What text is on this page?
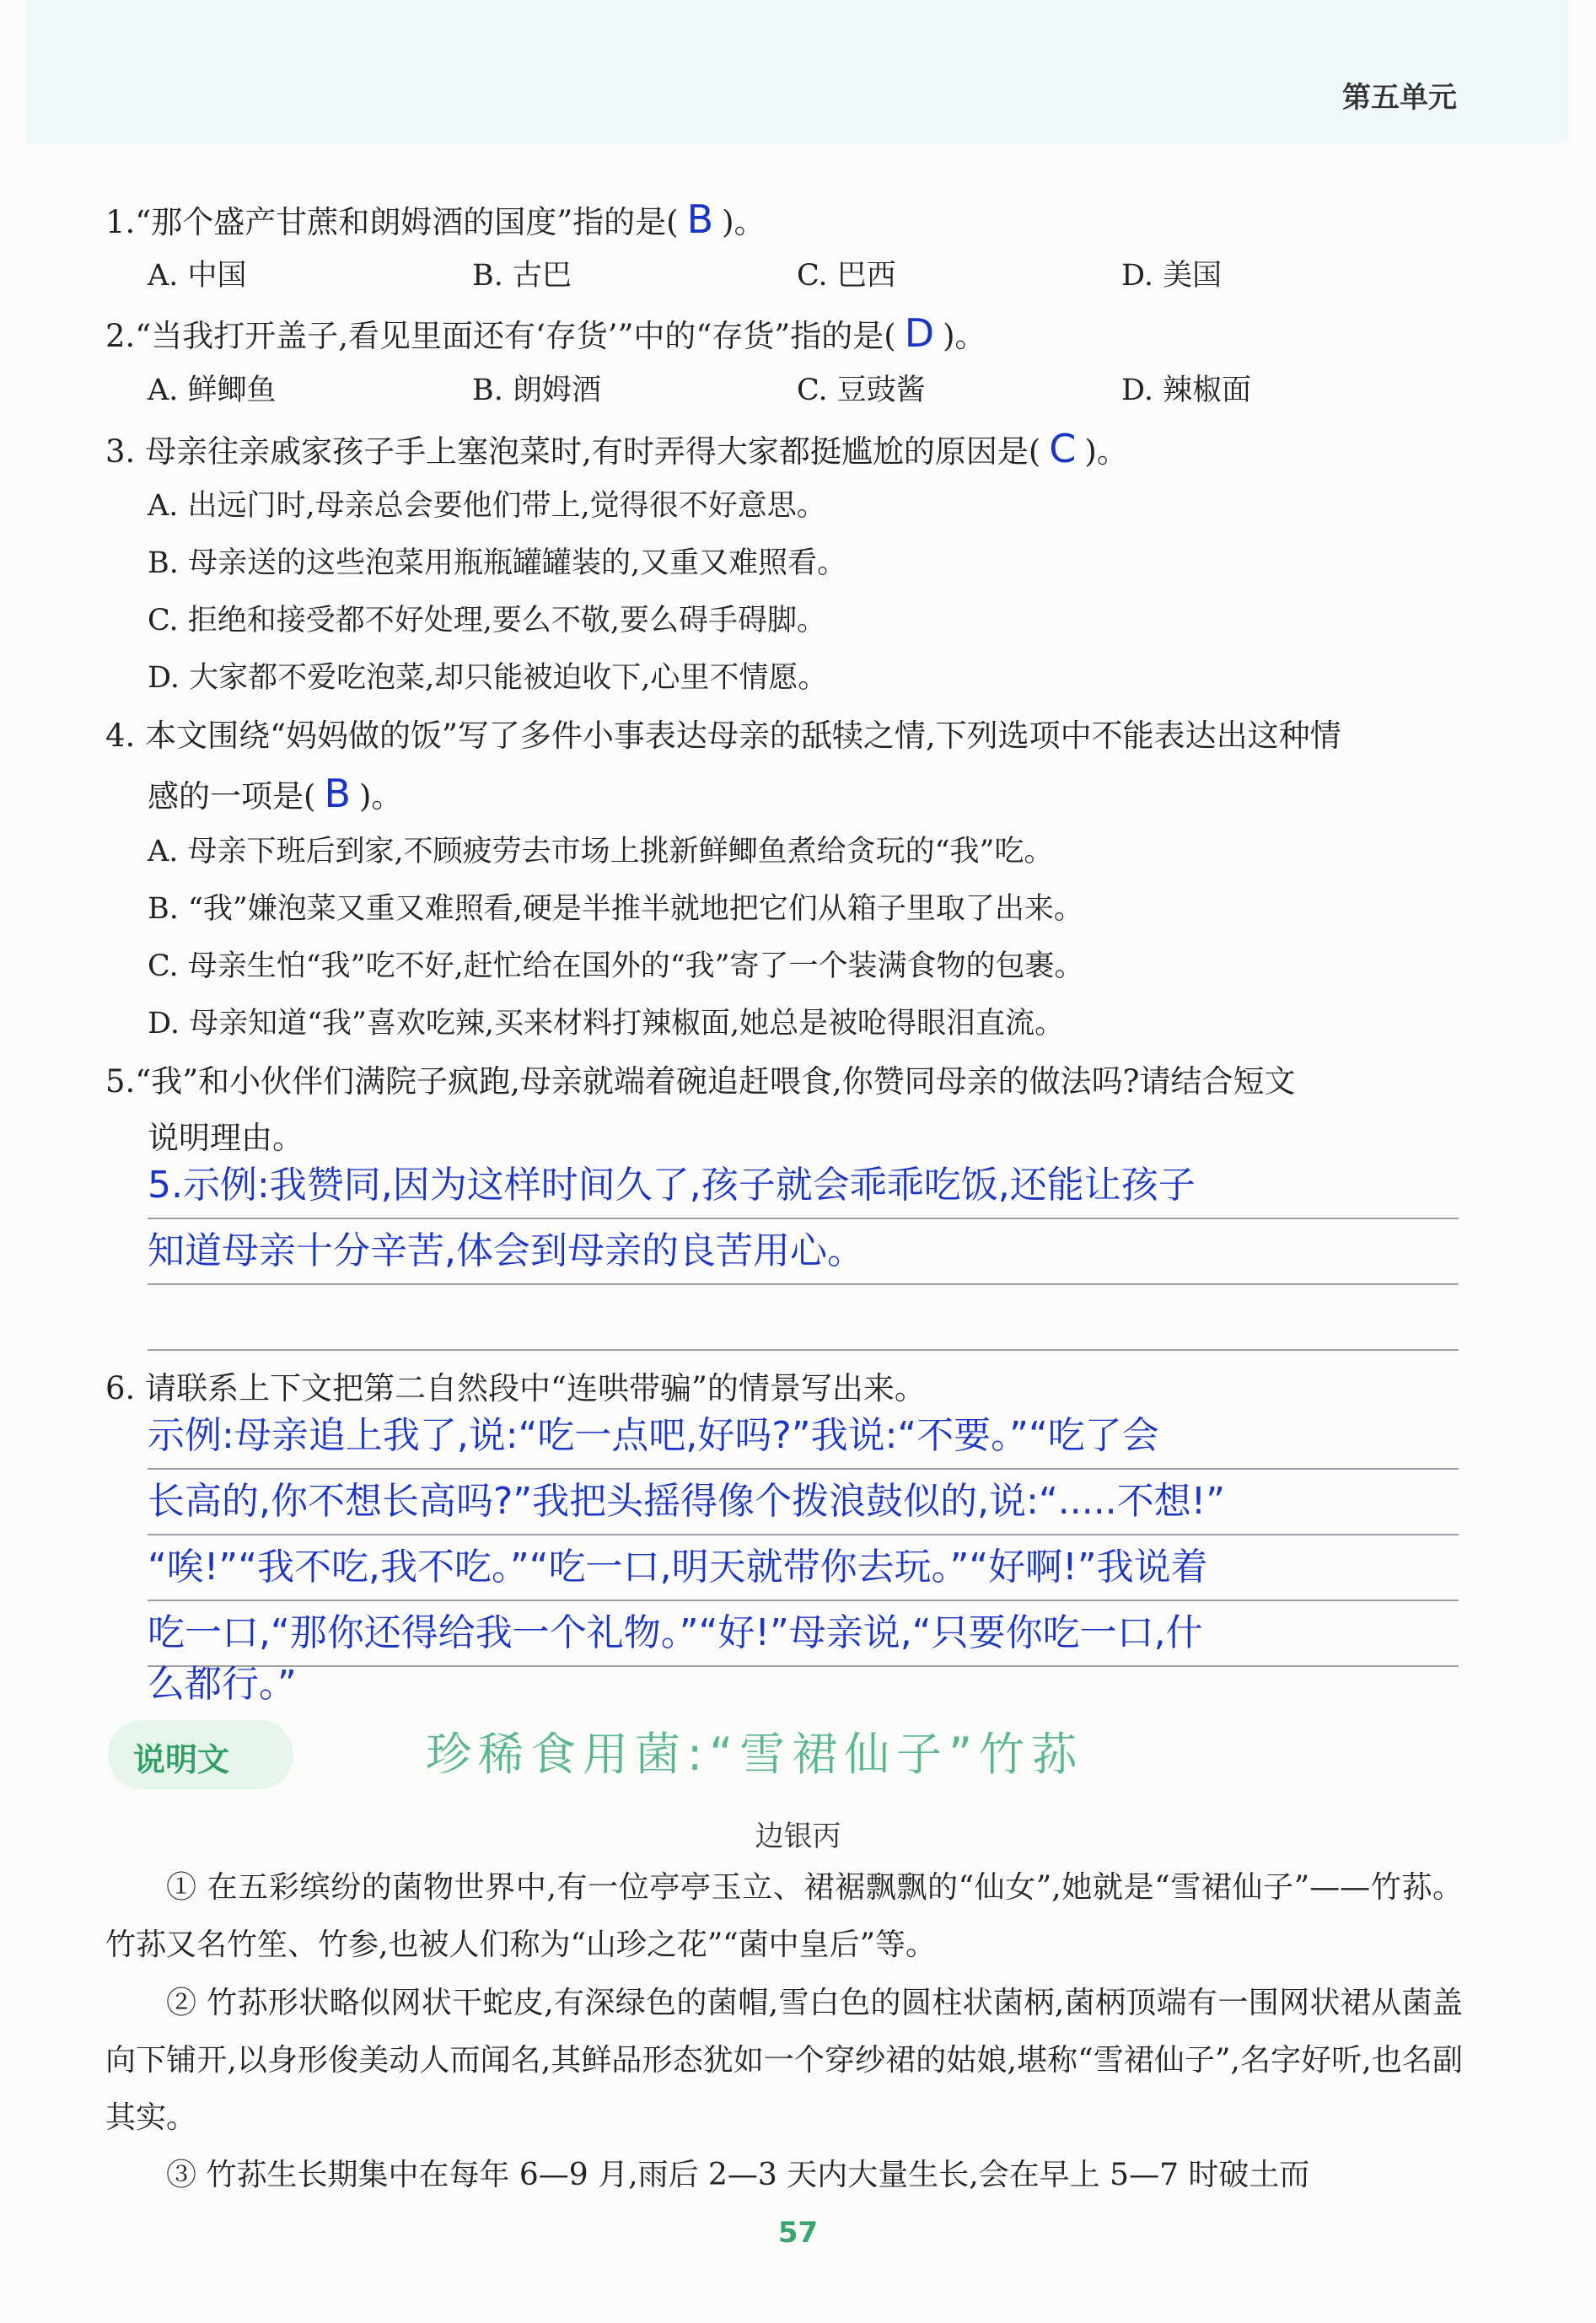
第五单元
1.“那个盛产甘蔗和朗姆酒的国度”指的是( B )。
A. 中国	B. 古巴	C. 巴西	D. 美国
2.“当我打开盖子,看见里面还有‘存货’”中的“存货”指的是( D )。
A. 鲜鲫鱼	B. 朗姆酒	C. 豆豉酱	D. 辣椒面
3. 母亲往亲戚家孩子手上塞泡菜时,有时弄得大家都挺尴尬的原因是( C )。
A. 出远门时,母亲总会要他们带上,觉得很不好意思。
B. 母亲送的这些泡菜用瓶瓶罐罐装的,又重又难照看。
C. 拒绝和接受都不好处理,要么不敬,要么碍手碍脚。
D. 大家都不爱吃泡菜,却只能被迫收下,心里不情愿。
4. 本文围绕“妈妈做的饭”写了多件小事表达母亲的舐犊之情,下列选项中不能表达出这种情
感的一项是( B )。
A. 母亲下班后到家,不顾疲劳去市场上挑新鲜鲫鱼煮给贪玩的“我”吃。
B. “我”嫌泡菜又重又难照看,硬是半推半就地把它们从箱子里取了出来。
C. 母亲生怕“我”吃不好,赶忙给在国外的“我”寄了一个装满食物的包裹。
D. 母亲知道“我”喜欢吃辣,买来材料打辣椒面,她总是被呛得眼泪直流。
5.“我”和小伙伴们满院子疯跑,母亲就端着碗追赶喂食,你赞同母亲的做法吗?请结合短文
说明理由。
5.示例:我赞同,因为这样时间久了,孩子就会乖乖吃饭,还能让孩子
知道母亲十分辛苦,体会到母亲的良苦用心。
6. 请联系上下文把第二自然段中“连哄带骗”的情景写出来。
示例:母亲追上我了,说:“吃一点吧,好吗?”我说:“不要。”“吃了会
长高的,你不想长高吗?”我把头摇得像个拨浪鼓似的,说:“.....不想!”
“唉!”“我不吃,我不吃。”“吃一口,明天就带你去玩。”“好啊!”我说着
吃一口,“那你还得给我一个礼物。”“好!”母亲说,“只要你吃一口,什
么都行。”
说明文	珍稀食用菌:“雪裙仙子”竹荪
边银丙
① 在五彩缤纷的菌物世界中,有一位亭亭玉立、裙裾飘飘的“仙女”,她就是“雪裙仙子”——竹荪。竹荪又名竹笙、竹参,也被人们称为“山珍之花”“菌中皇后”等。
② 竹荪形状略似网状干蛇皮,有深绿色的菌帽,雪白色的圆柱状菌柄,菌柄顶端有一围网状裙从菌盖向下铺开,以身形俊美动人而闻名,其鲜品形态犹如一个穿纱裙的姑娘,堪称“雪裙仙子”,名字好听,也名副其实。
③ 竹荪生长期集中在每年 6—9 月,雨后 2—3 天内大量生长,会在早上 5—7 时破土而
57
